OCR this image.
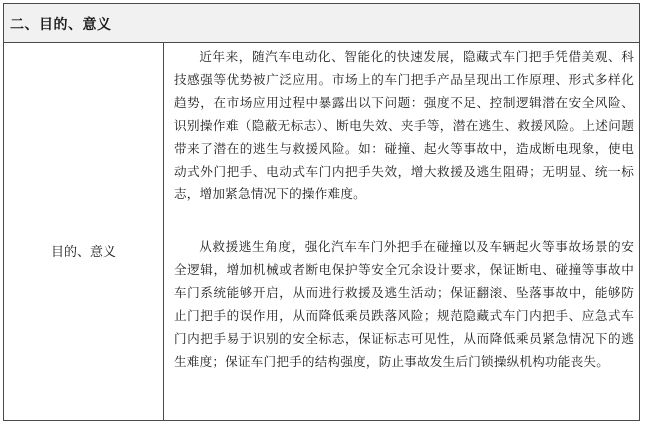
二、目的、意义
目的、意义

近年来，随汽车电动化、智能化的快速发展，隐藏式车门把手凭借美观、科技感强等优势被广泛应用。市场上的车门把手产品呈现出工作原理、形式多样化趋势，在市场应用过程中暴露出以下问题：强度不足、控制逻辑潜在安全风险、识别操作难（隐蔽无标志）、断电失效、夹手等，潜在逃生、救援风险。上述问题带来了潜在的逃生与救援风险。如：碰撞、起火等事故中，造成断电现象，使电动式外门把手、电动式车门内把手失效，增大救援及逃生阻碍；无明显、统一标志，增加紧急情况下的操作难度。

从救援逃生角度，强化汽车车门外把手在碰撞以及车辆起火等事故场景的安全逻辑，增加机械或者断电保护等安全冗余设计要求，保证断电、碰撞等事故中车门系统能够开启，从而进行救援及逃生活动；保证翻滚、坠落事故中，能够防止门把手的误作用，从而降低乘员跌落风险；规范隐藏式车门内把手、应急式车门内把手易于识别的安全标志，保证标志可见性，从而降低乘员紧急情况下的逃生难度；保证车门把手的结构强度，防止事故发生后门锁操纵机构功能丧失。
